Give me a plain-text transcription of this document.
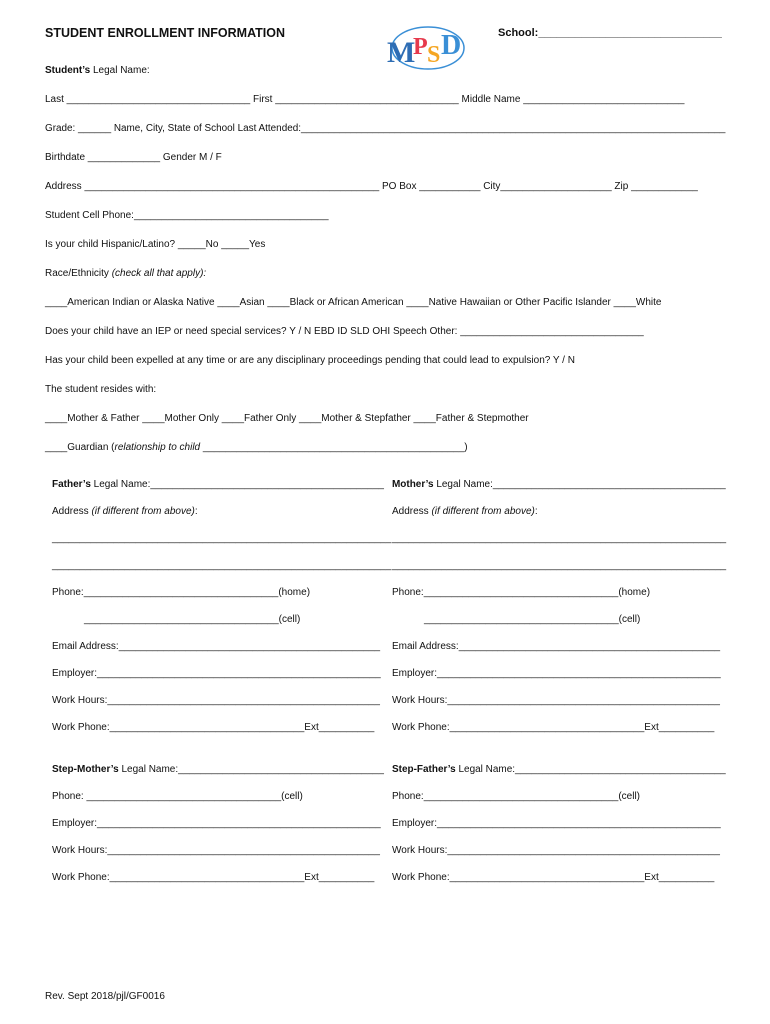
STUDENT ENROLLMENT INFORMATION	School:______________________________
M
P S D
Student’s Legal Name:
Last _________________________________ First _________________________________ Middle Name _____________________________
Grade: ______ Name, City, State of School Last Attended:_____________________________________________________________________________
Birthdate _____________ Gender M / F
Address _____________________________________________________ PO Box ___________ City____________________ Zip ____________
Student Cell Phone:___________________________________
Is your child Hispanic/Latino? _____No _____Yes
Race/Ethnicity (check all that apply):
____American Indian or Alaska Native ____Asian ____Black or African American ____Native Hawaiian or Other Pacific Islander ____White
Does your child have an IEP or need special services? Y / N EBD ID SLD OHI Speech Other: _________________________________
Has your child been expelled at any time or are any disciplinary proceedings pending that could lead to expulsion? Y / N
The student resides with:
____Mother & Father ____Mother Only ____Father Only ____Mother & Stepfather ____Father & Stepmother
____Guardian (relationship to child _______________________________________________)
Father’s Legal Name:__________________________________________
Address (if different from above):
_____________________________________________________________
_____________________________________________________________
Phone:___________________________________(home)
___________________________________(cell)
Email Address:_______________________________________________
Employer:___________________________________________________
Work Hours:_________________________________________________
Work Phone:___________________________________Ext__________
Mother’s Legal Name:__________________________________________
Address (if different from above):
_____________________________________________________________
_____________________________________________________________
Phone:___________________________________(home)
___________________________________(cell)
Email Address:_______________________________________________
Employer:___________________________________________________
Work Hours:_________________________________________________
Work Phone:___________________________________Ext__________
Step-Mother’s Legal Name:_____________________________________
Phone: ___________________________________(cell)
Employer:___________________________________________________
Work Hours:_________________________________________________
Work Phone:___________________________________Ext__________
Step-Father’s Legal Name:______________________________________
Phone:___________________________________(cell)
Employer:___________________________________________________
Work Hours:_________________________________________________
Work Phone:___________________________________Ext__________
Rev. Sept 2018/pjl/GF0016
